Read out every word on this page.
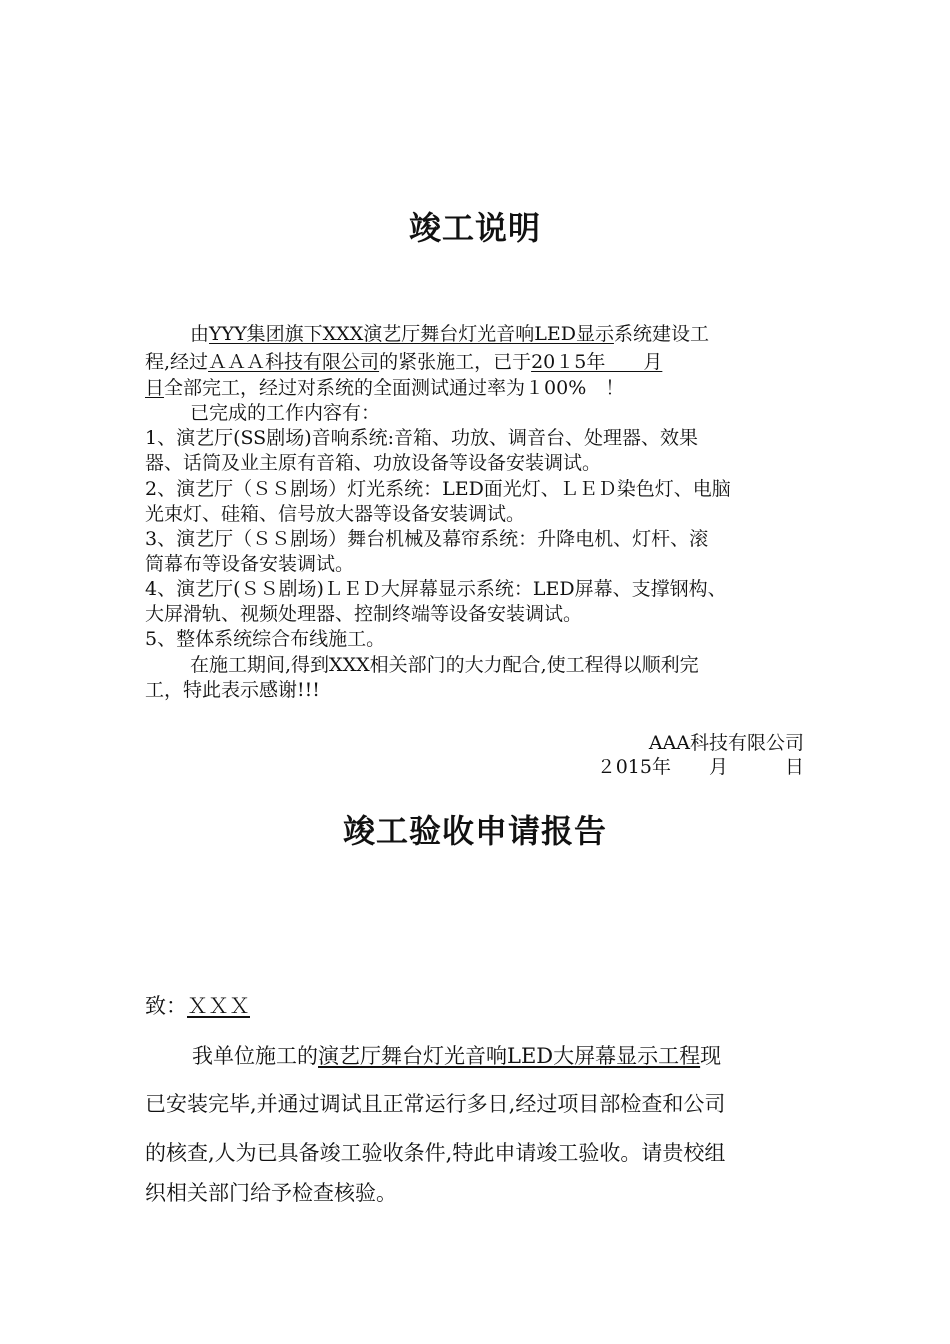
竣工说明
由YYY集团旗下XXX演艺厅舞台灯光音响LED显示系统建设工
程,经过ＡＡＡ科技有限公司的紧张施工，已于20１5年　　月
日全部完工，经过对系统的全面测试通过率为１00%　！
已完成的工作内容有：
1、演艺厅(SS剧场)音响系统:音箱、功放、调音台、处理器、效果
器、话筒及业主原有音箱、功放设备等设备安装调试。
2、演艺厅（ＳＳ剧场）灯光系统：LED面光灯、ＬＥＤ染色灯、电脑
光束灯、硅箱、信号放大器等设备安装调试。
3、演艺厅（ＳＳ剧场）舞台机械及幕帘系统：升降电机、灯杆、滚
筒幕布等设备安装调试。
4、演艺厅(ＳＳ剧场)ＬＥＤ大屏幕显示系统：LED屏幕、支撑钢构、
大屏滑轨、视频处理器、控制终端等设备安装调试。
5、整体系统综合布线施工。
在施工期间,得到XXX相关部门的大力配合,使工程得以顺利完
工，特此表示感谢!!!
AAA科技有限公司
２015年　　月　　　日
竣工验收申请报告
致：ＸＸＸ
我单位施工的演艺厅舞台灯光音响LED大屏幕显示工程现
已安装完毕,并通过调试且正常运行多日,经过项目部检查和公司
的核查,人为已具备竣工验收条件,特此申请竣工验收。请贵校组
织相关部门给予检查核验。
